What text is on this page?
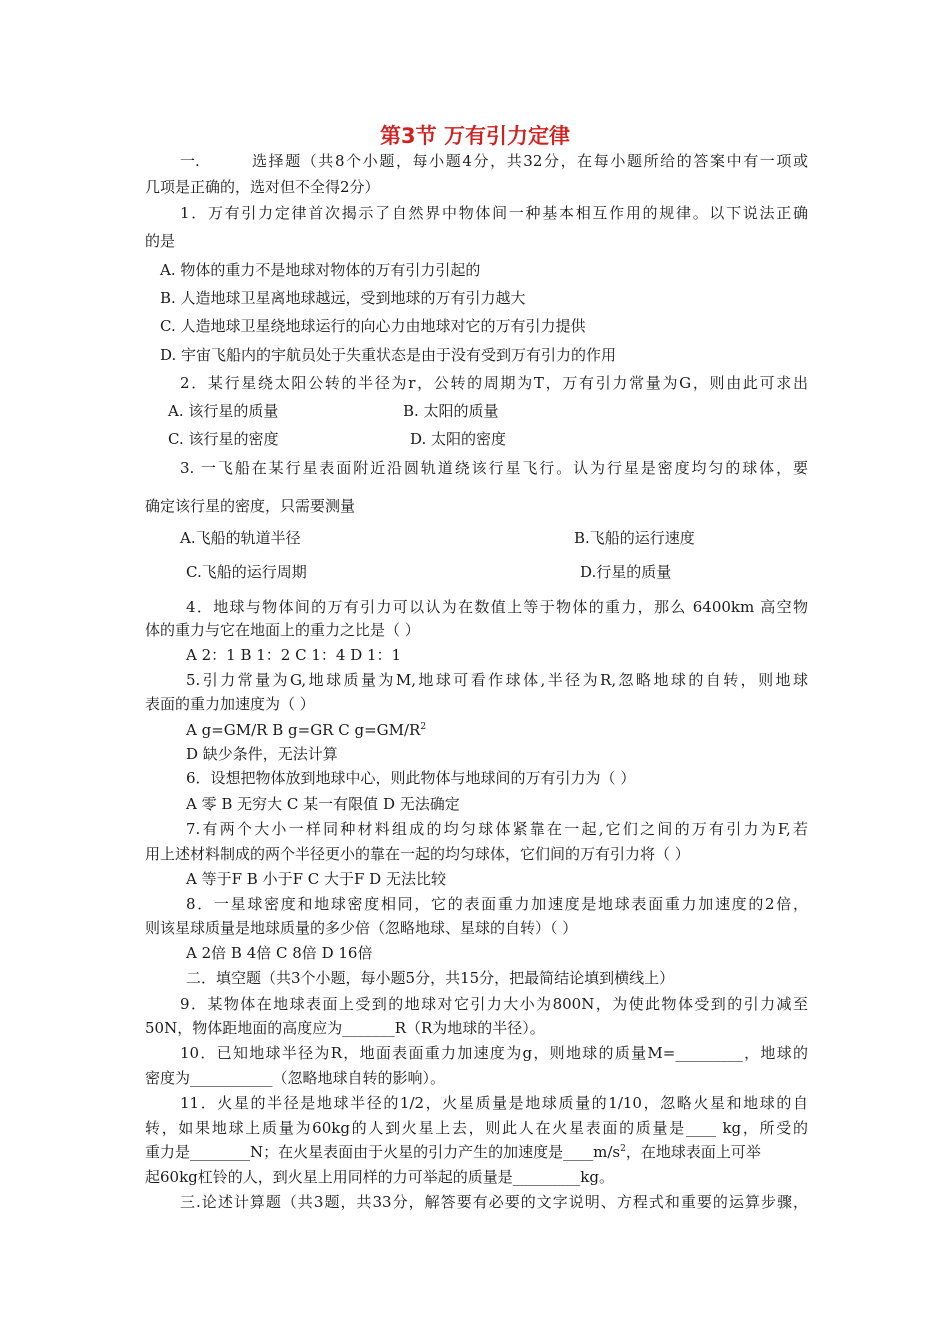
第3节 万有引力定律
一.	选择题（共8个小题，每小题4分，共32分，在每小题所给的答案中有一项或
几项是正确的，选对但不全得2分）
1．万有引力定律首次揭示了自然界中物体间一种基本相互作用的规律。以下说法正确
的是
A. 物体的重力不是地球对物体的万有引力引起的
B. 人造地球卫星离地球越远，受到地球的万有引力越大
C. 人造地球卫星绕地球运行的向心力由地球对它的万有引力提供
D. 宇宙飞船内的宇航员处于失重状态是由于没有受到万有引力的作用
2．某行星绕太阳公转的半径为r，公转的周期为T，万有引力常量为G，则由此可求出
A. 该行星的质量	B. 太阳的质量
C. 该行星的密度	D. 太阳的密度
3. 一飞船在某行星表面附近沿圆轨道绕该行星飞行。认为行星是密度均匀的球体，要
确定该行星的密度，只需要测量
A.飞船的轨道半径	B.飞船的运行速度
C.飞船的运行周期	D.行星的质量
4．地球与物体间的万有引力可以认为在数值上等于物体的重力，那么 6400km 高空物
体的重力与它在地面上的重力之比是（ ）
A 2：1 B 1：2 C 1：4 D 1：1
5.引力常量为G,地球质量为M,地球可看作球体,半径为R,忽略地球的自转，则地球
表面的重力加速度为（ ）
A g=GM/R B g=GR C $g=GM/R^2$
D 缺少条件，无法计算
6．设想把物体放到地球中心，则此物体与地球间的万有引力为（ ）
A 零 B 无穷大 C 某一有限值 D 无法确定
7.有两个大小一样同种材料组成的均匀球体紧靠在一起,它们之间的万有引力为F,若
用上述材料制成的两个半径更小的靠在一起的均匀球体，它们间的万有引力将（ ）
A 等于F B 小于F C 大于F D 无法比较
8．一星球密度和地球密度相同，它的表面重力加速度是地球表面重力加速度的2倍，
则该星球质量是地球质量的多少倍（忽略地球、星球的自转）（ ）
A 2倍 B 4倍 C 8倍 D 16倍
二．填空题（共3个小题，每小题5分，共15分，把最简结论填到横线上）
9．某物体在地球表面上受到的地球对它引力大小为800N，为使此物体受到的引力减至
50N，物体距地面的高度应为_______R（R为地球的半径）。
10．已知地球半径为R，地面表面重力加速度为g，则地球的质量M=_________，地球的
密度为___________（忽略地球自转的影响）。
11．火星的半径是地球半径的1/2，火星质量是地球质量的1/10，忽略火星和地球的自
转，如果地球上质量为60kg的人到火星上去，则此人在火星表面的质量是____ kg，所受的
重力是________N；在火星表面由于火星的引力产生的加速度是$\_\_\_\_m/s^2$，在地球表面上可举
起60kg杠铃的人，到火星上用同样的力可举起的质量是_________kg。
三.论述计算题（共3题，共33分，解答要有必要的文字说明、方程式和重要的运算步骤，
